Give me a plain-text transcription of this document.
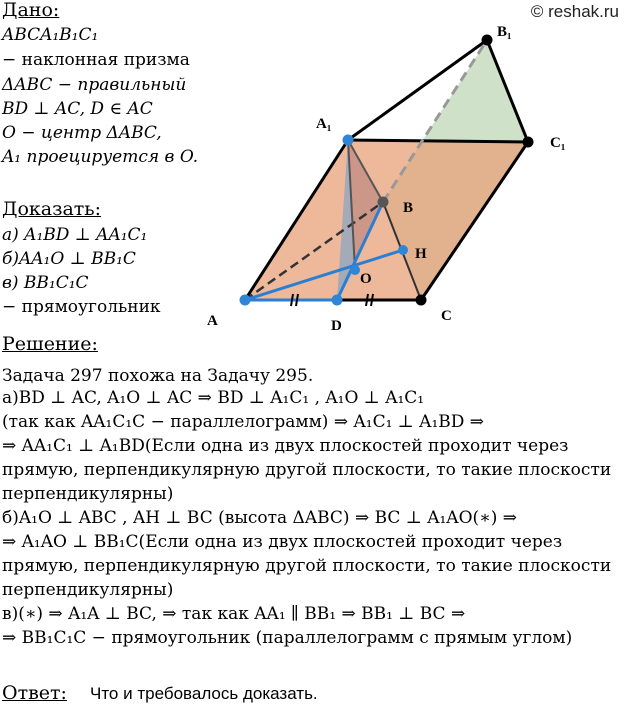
© reshak.ru
Дано:
ABCA₁B₁C₁
− наклонная призма
ΔABC − правильный
BD ⊥ AC, D ∈ AC
O − центр ΔABC,
A₁ проецируется в O.
Доказать:
а) A₁BD ⊥ AA₁C₁
б)AA₁O ⊥ BB₁C
в) BB₁C₁C
− прямоугольник
A	D
C
B
H
O
A₁
B₁
C₁
Решение:
Задача 297 похожа на Задачу 295.
а)BD ⊥ AC, A₁O ⊥ AC ⇒ BD ⊥ A₁C₁ , A₁O ⊥ A₁C₁
(так как AA₁C₁C − параллелограмм) ⇒ A₁C₁ ⊥ A₁BD ⇒
⇒ AA₁C₁ ⊥ A₁BD(Если одна из двух плоскостей проходит через
прямую, перпендикулярную другой плоскости, то такие плоскости
перпендикулярны)
б)A₁O ⊥ ABC , AH ⊥ BC (высота ΔABC) ⇒ BC ⊥ A₁AO(∗) ⇒
⇒ A₁AO ⊥ BB₁C(Если одна из двух плоскостей проходит через
прямую, перпендикулярную другой плоскости, то такие плоскости
перпендикулярны)
в)(∗) ⇒ A₁A ⊥ BC, ⇒ так как AA₁ ∥ BB₁ ⇒ BB₁ ⊥ BC ⇒
⇒ BB₁C₁C − прямоугольник (параллелограмм с прямым углом)
Ответ: Что и требовалось доказать.
